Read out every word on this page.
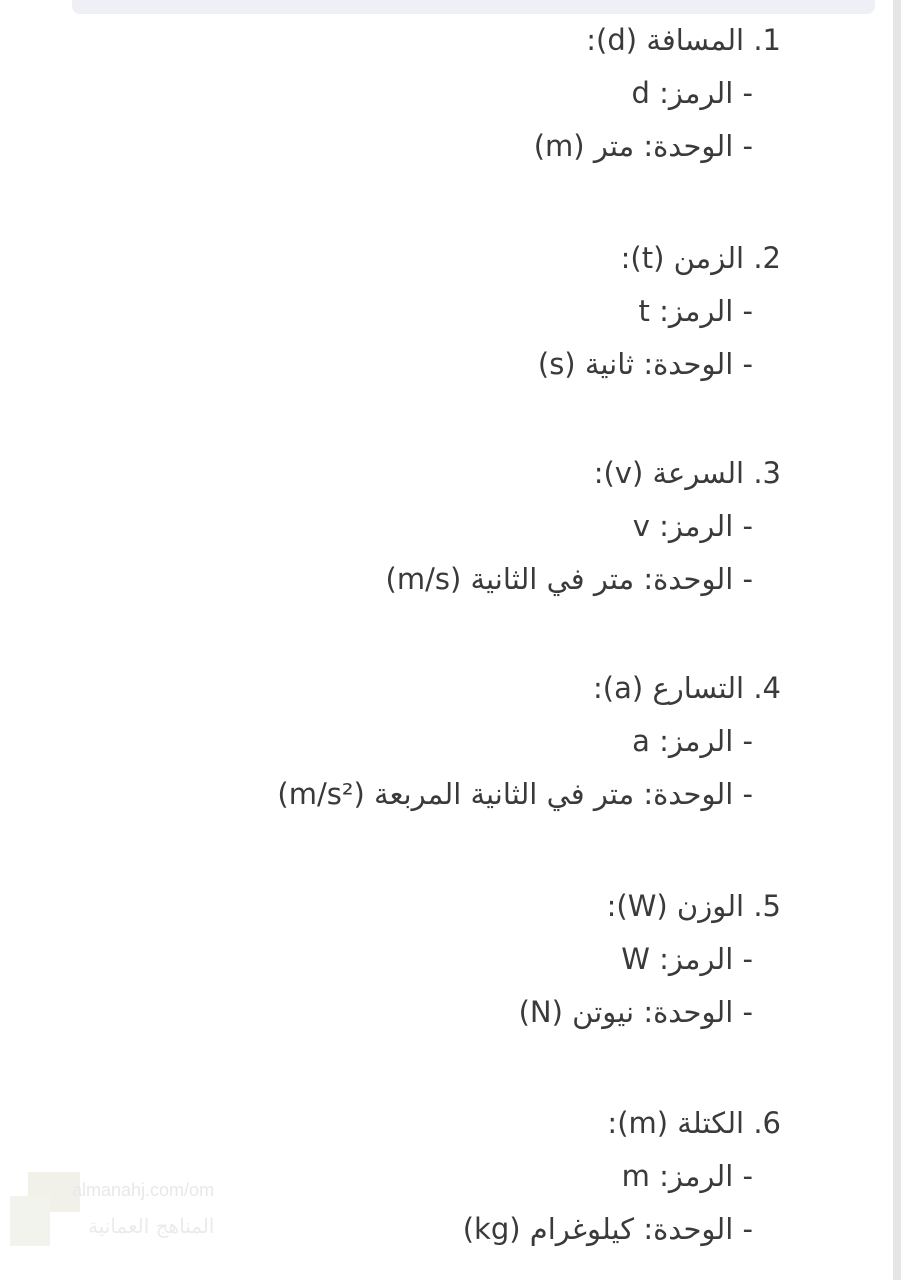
1. المسافة (d):
- الرمز: d
- الوحدة: متر (m)
2. الزمن (t):
- الرمز: t
- الوحدة: ثانية (s)
3. السرعة (v):
- الرمز: v
- الوحدة: متر في الثانية (m/s)
4. التسارع (a):
- الرمز: a
- الوحدة: متر في الثانية المربعة (m/s²)
5. الوزن (W):
- الرمز: W
- الوحدة: نيوتن (N)
6. الكتلة (m):
- الرمز: m
- الوحدة: كيلوغرام (kg)
almanahj.com/om
المناهج العمانية
